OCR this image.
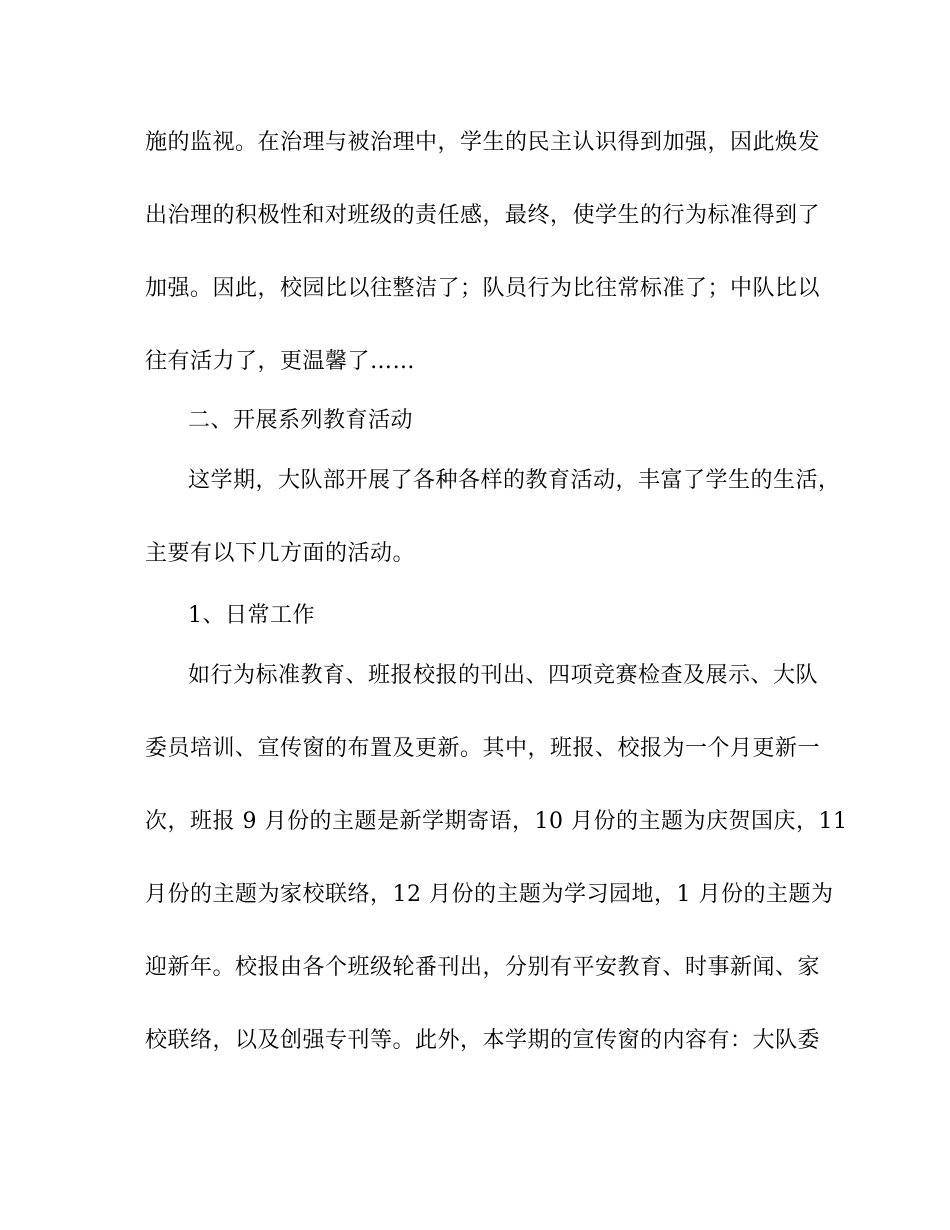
施的监视。在治理与被治理中，学生的民主认识得到加强，因此焕发
出治理的积极性和对班级的责任感，最终，使学生的行为标准得到了
加强。因此，校园比以往整洁了；队员行为比往常标准了；中队比以
往有活力了，更温馨了……
二、开展系列教育活动
这学期，大队部开展了各种各样的教育活动，丰富了学生的生活，
主要有以下几方面的活动。
1、日常工作
如行为标准教育、班报校报的刊出、四项竞赛检查及展示、大队
委员培训、宣传窗的布置及更新。其中，班报、校报为一个月更新一
次，班报 9 月份的主题是新学期寄语，10 月份的主题为庆贺国庆，11
月份的主题为家校联络，12 月份的主题为学习园地，1 月份的主题为
迎新年。校报由各个班级轮番刊出，分别有平安教育、时事新闻、家
校联络，以及创强专刊等。此外，本学期的宣传窗的内容有：大队委
